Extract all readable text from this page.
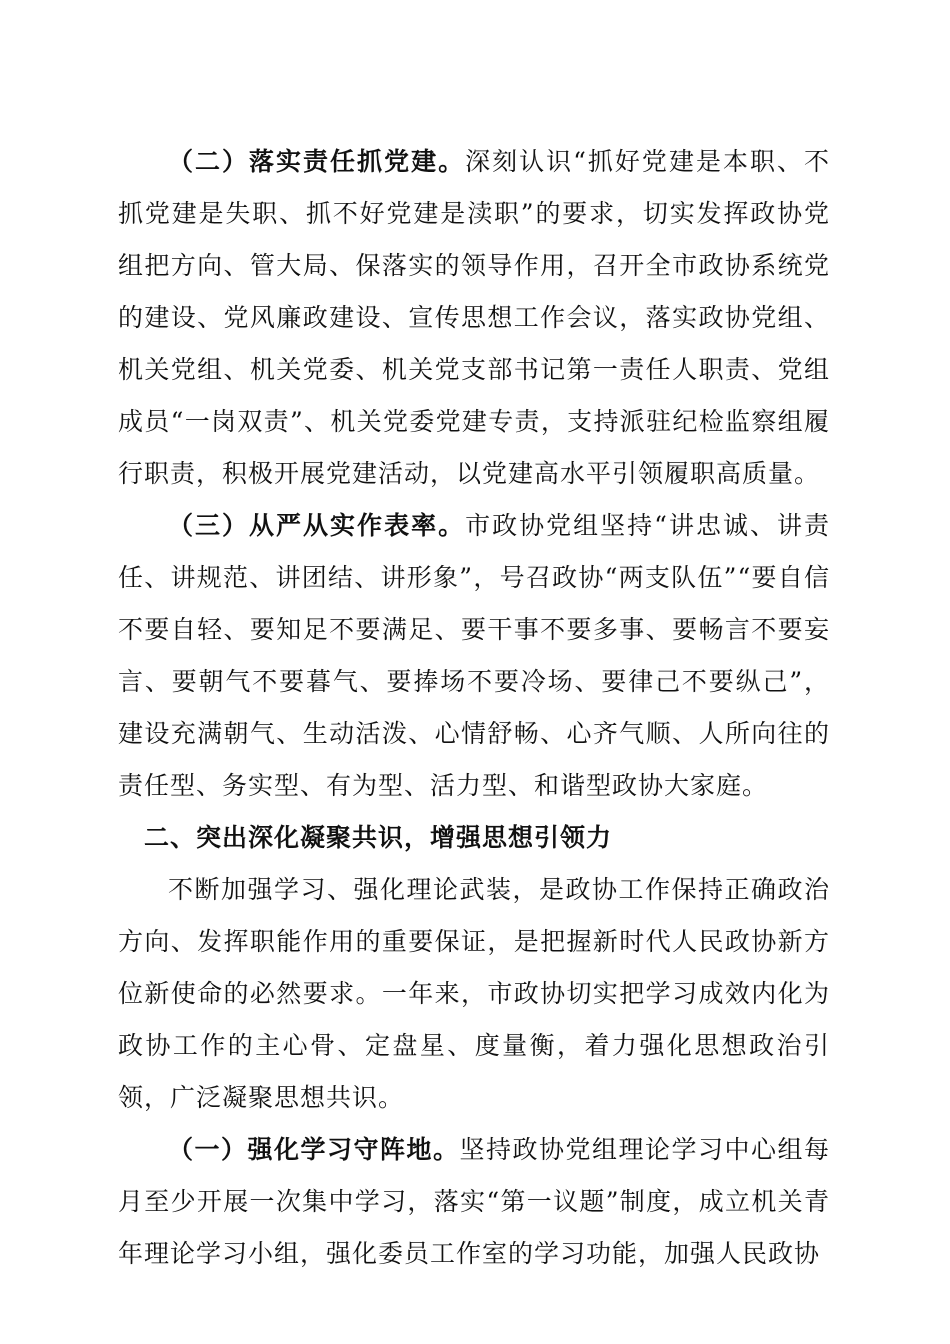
（二）落实责任抓党建。深刻认识“抓好党建是本职、不抓党建是失职、抓不好党建是渎职”的要求，切实发挥政协党组把方向、管大局、保落实的领导作用，召开全市政协系统党的建设、党风廉政建设、宣传思想工作会议，落实政协党组、机关党组、机关党委、机关党支部书记第一责任人职责、党组成员“一岗双责”、机关党委党建专责，支持派驻纪检监察组履行职责，积极开展党建活动，以党建高水平引领履职高质量。

（三）从严从实作表率。市政协党组坚持“讲忠诚、讲责任、讲规范、讲团结、讲形象”，号召政协“两支队伍”“要自信不要自轻、要知足不要满足、要干事不要多事、要畅言不要妄言、要朝气不要暮气、要捧场不要冷场、要律己不要纵己”，建设充满朝气、生动活泼、心情舒畅、心齐气顺、人所向往的责任型、务实型、有为型、活力型、和谐型政协大家庭。

二、突出深化凝聚共识，增强思想引领力

不断加强学习、强化理论武装，是政协工作保持正确政治方向、发挥职能作用的重要保证，是把握新时代人民政协新方位新使命的必然要求。一年来，市政协切实把学习成效内化为政协工作的主心骨、定盘星、度量衡，着力强化思想政治引领，广泛凝聚思想共识。

（一）强化学习守阵地。坚持政协党组理论学习中心组每月至少开展一次集中学习，落实“第一议题”制度，成立机关青年理论学习小组，强化委员工作室的学习功能，加强人民政协
